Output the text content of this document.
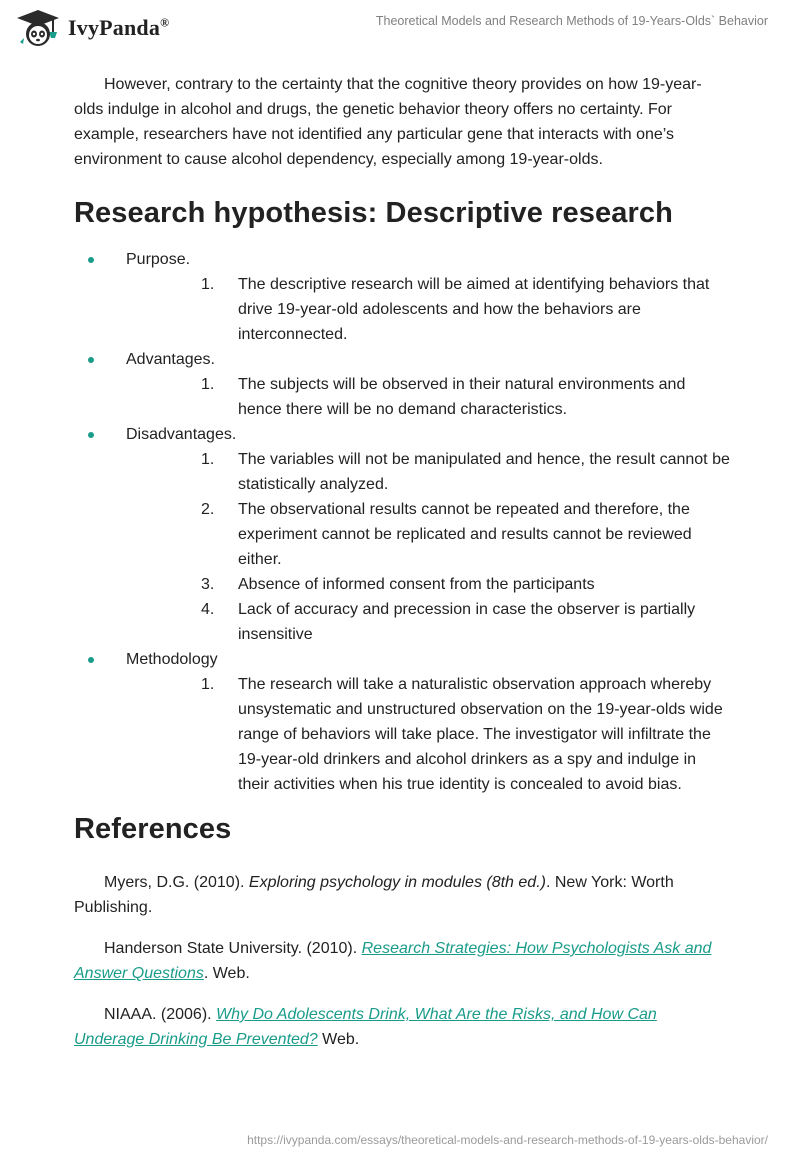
IvyPanda®	Theoretical Models and Research Methods of 19-Years-Olds` Behavior

However, contrary to the certainty that the cognitive theory provides on how 19-year-olds indulge in alcohol and drugs, the genetic behavior theory offers no certainty. For example, researchers have not identified any particular gene that interacts with one’s environment to cause alcohol dependency, especially among 19-year-olds.

Research hypothesis: Descriptive research
Purpose.
1. The descriptive research will be aimed at identifying behaviors that drive 19-year-old adolescents and how the behaviors are interconnected.
Advantages.
1. The subjects will be observed in their natural environments and hence there will be no demand characteristics.
Disadvantages.
1. The variables will not be manipulated and hence, the result cannot be statistically analyzed.
2. The observational results cannot be repeated and therefore, the experiment cannot be replicated and results cannot be reviewed either.
3. Absence of informed consent from the participants
4. Lack of accuracy and precession in case the observer is partially insensitive
Methodology
1. The research will take a naturalistic observation approach whereby unsystematic and unstructured observation on the 19-year-olds wide range of behaviors will take place. The investigator will infiltrate the 19-year-old drinkers and alcohol drinkers as a spy and indulge in their activities when his true identity is concealed to avoid bias.
References

Myers, D.G. (2010). Exploring psychology in modules (8th ed.). New York: Worth Publishing.

Handerson State University. (2010). Research Strategies: How Psychologists Ask and Answer Questions. Web.

NIAAA. (2006). Why Do Adolescents Drink, What Are the Risks, and How Can Underage Drinking Be Prevented? Web.

https://ivypanda.com/essays/theoretical-models-and-research-methods-of-19-years-olds-behavior/
